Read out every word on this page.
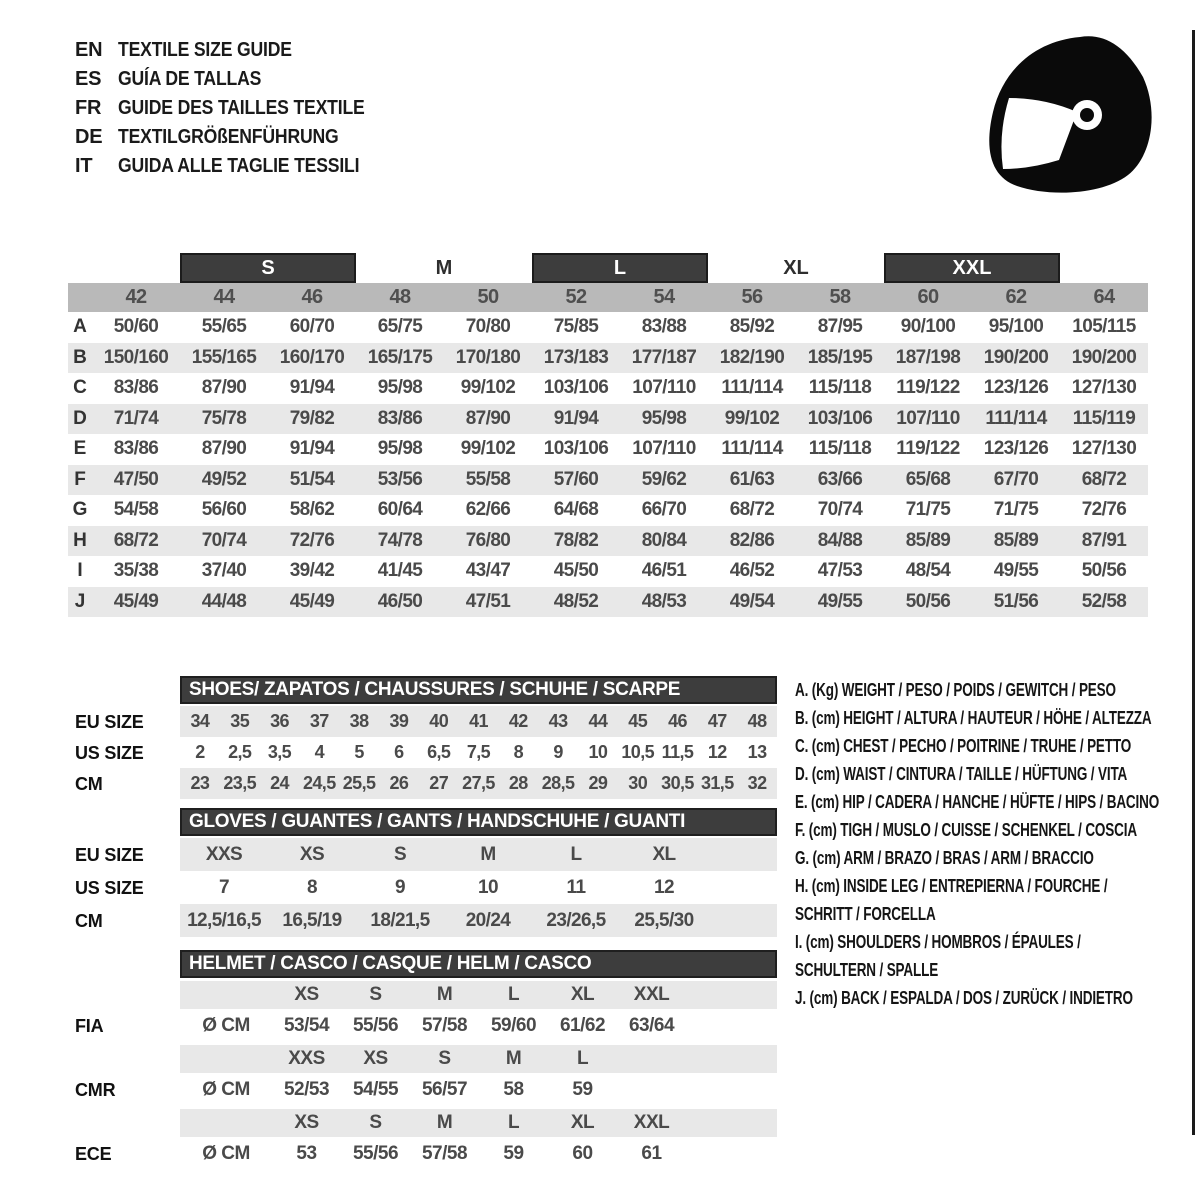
EN TEXTILE SIZE GUIDE
ES GUÍA DE TALLAS
FR GUIDE DES TAILLES TEXTILE
DE TEXTILGRÖßENFÜHRUNG
IT	GUIDA ALLE TAGLIE TESSILI
S	M	L	XL	XXL
42	44	46	48	50	52	54	56	58	60	62	64
A	50/60	55/65	60/70	65/75	70/80	75/85	83/88	85/92	87/95	90/100	95/100	105/115
B 150/160	155/165	160/170	165/175	170/180	173/183	177/187	182/190	185/195	187/198	190/200	190/200
C	83/86	87/90	91/94	95/98	99/102	103/106	107/110	111/114	115/118	119/122	123/126	127/130
D	71/74	75/78	79/82	83/86	87/90	91/94	95/98	99/102	103/106	107/110	111/114	115/119
E	83/86	87/90	91/94	95/98	99/102	103/106	107/110	111/114	115/118	119/122	123/126	127/130
F	47/50	49/52	51/54	53/56	55/58	57/60	59/62	61/63	63/66	65/68	67/70	68/72
G	54/58	56/60	58/62	60/64	62/66	64/68	66/70	68/72	70/74	71/75	71/75	72/76
H	68/72	70/74	72/76	74/78	76/80	78/82	80/84	82/86	84/88	85/89	85/89	87/91
I	35/38	37/40	39/42	41/45	43/47	45/50	46/51	46/52	47/53	48/54	49/55	50/56
J	45/49	44/48	45/49	46/50	47/51	48/52	48/53	49/54	49/55	50/56	51/56	52/58
SHOES/ ZAPATOS / CHAUSSURES / SCHUHE / SCARPE
34	35	36	37	38	39	40	41	42	43	44	45	46	47	48
2	2,5 3,5	4	5	6	6,5 7,5	8	9	10 10,5 11,5 12	13
23 23,5 24 24,5 25,5 26	27 27,5 28 28,5 29	30 30,5 31,5 32
EU SIZE
US SIZE
CM
GLOVES / GUANTES / GANTS / HANDSCHUHE / GUANTI
XXS	XS	S	M	L	XL
7	8	9	10	11	12
12,5/16,5	16,5/19	18/21,5	20/24	23/26,5	25,5/30
EU SIZE
US SIZE
CM
HELMET / CASCO / CASQUE / HELM / CASCO
XS	S	M	L	XL	XXL
Ø CM	53/54	55/56	57/58	59/60	61/62	63/64
XXS	XS	S	M	L
Ø CM	52/53	54/55	56/57	58	59
XS	S	M	L	XL	XXL
Ø CM	53	55/56	57/58	59	60	61
FIA
CMR
ECE
A. (Kg) WEIGHT / PESO / POIDS / GEWITCH / PESO
B. (cm) HEIGHT / ALTURA / HAUTEUR / HÖHE / ALTEZZA
C. (cm) CHEST / PECHO / POITRINE / TRUHE / PETTO
D. (cm) WAIST / CINTURA / TAILLE / HÜFTUNG / VITA
E. (cm) HIP / CADERA / HANCHE / HÜFTE / HIPS / BACINO
F. (cm) TIGH / MUSLO / CUISSE / SCHENKEL / COSCIA
G. (cm) ARM / BRAZO / BRAS / ARM / BRACCIO
H. (cm) INSIDE LEG / ENTREPIERNA / FOURCHE /
SCHRITT / FORCELLA
I. (cm) SHOULDERS / HOMBROS / ÉPAULES /
SCHULTERN / SPALLE
J. (cm) BACK / ESPALDA / DOS / ZURÜCK / INDIETRO
